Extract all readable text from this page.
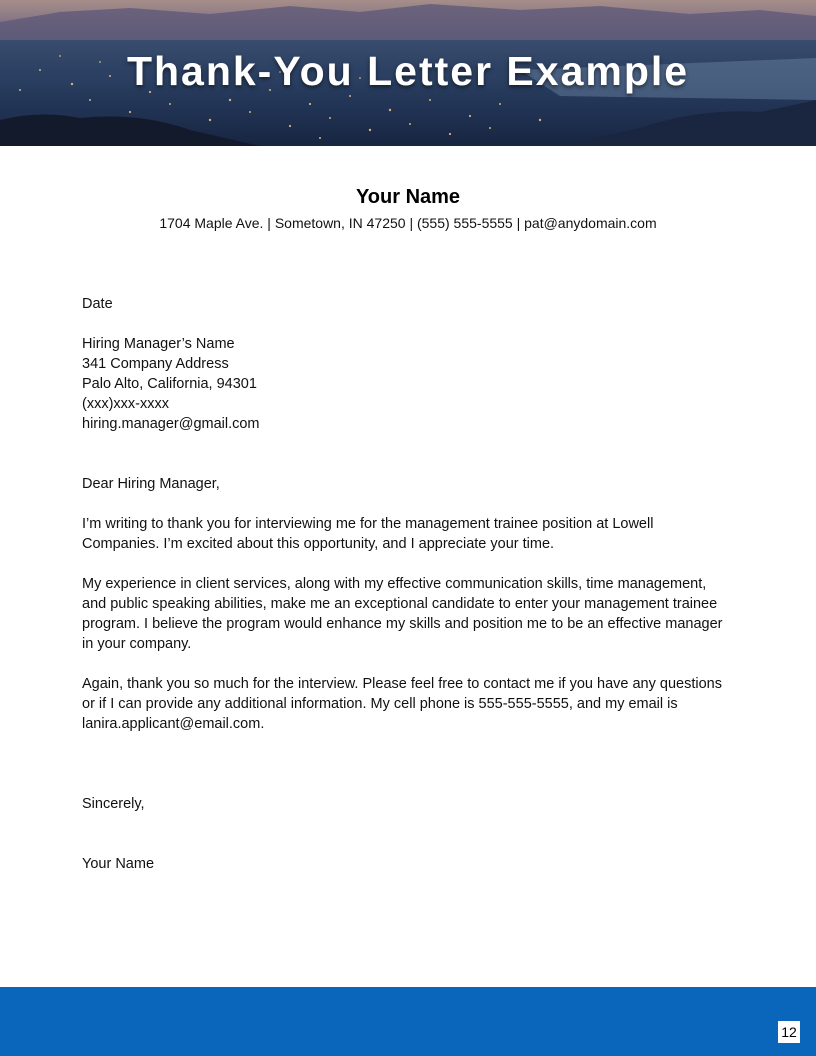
Thank-You Letter Example
Your Name
1704 Maple Ave. | Sometown, IN 47250 | (555) 555-5555 | pat@anydomain.com
Date
Hiring Manager’s Name
341 Company Address
Palo Alto, California, 94301
(xxx)xxx-xxxx
hiring.manager@gmail.com
Dear Hiring Manager,
I’m writing to thank you for interviewing me for the management trainee position at Lowell
Companies. I’m excited about this opportunity, and I appreciate your time.
My experience in client services, along with my effective communication skills, time management,
and public speaking abilities, make me an exceptional candidate to enter your management trainee
program. I believe the program would enhance my skills and position me to be an effective manager
in your company.
Again, thank you so much for the interview. Please feel free to contact me if you have any questions
or if I can provide any additional information. My cell phone is 555-555-5555, and my email is
lanira.applicant@email.com.
Sincerely,
Your Name
12
